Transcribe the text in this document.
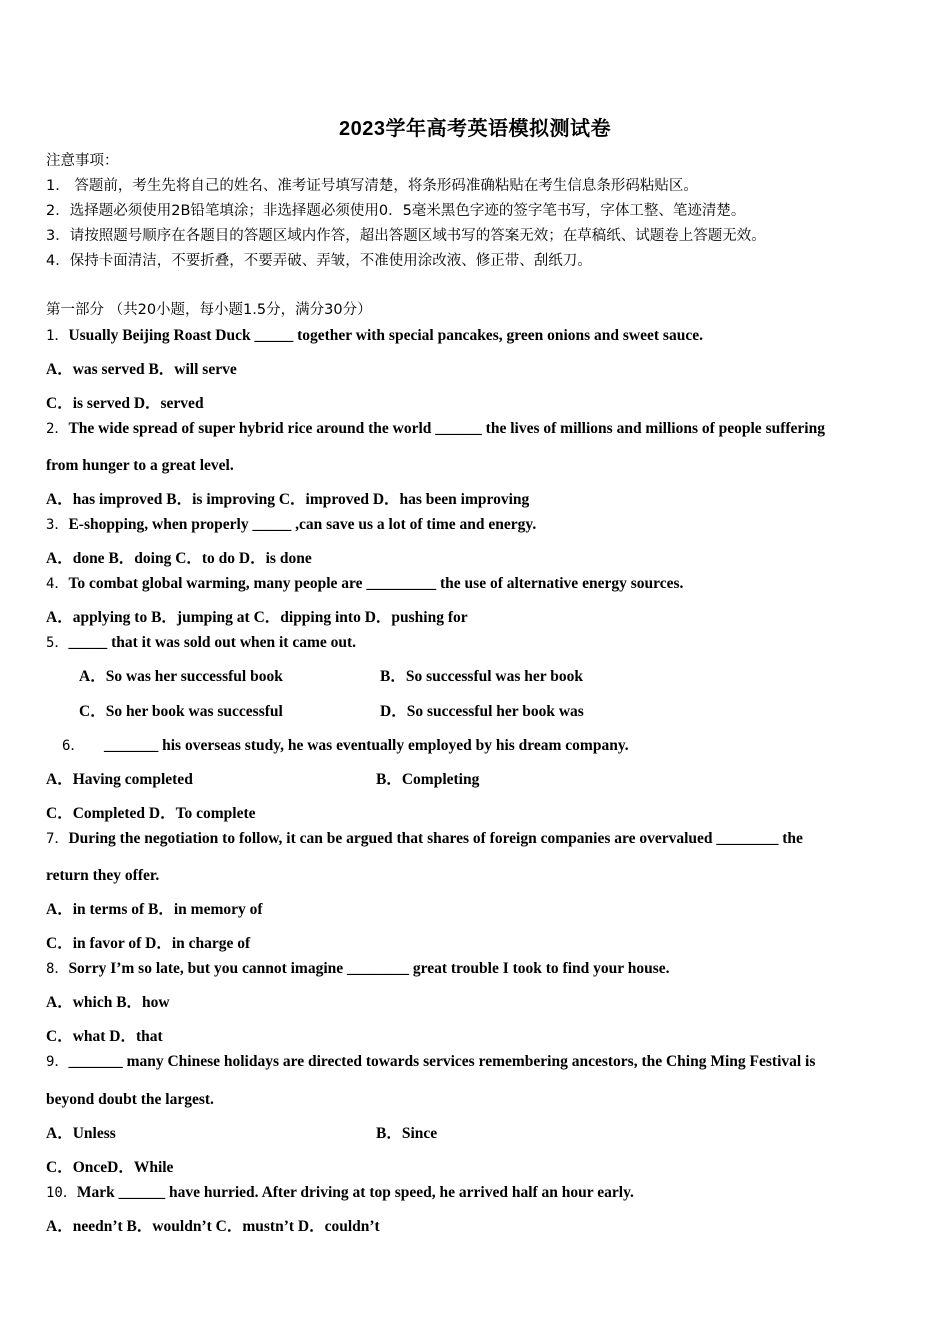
2023学年高考英语模拟测试卷
注意事项：
1． 答题前，考生先将自己的姓名、准考证号填写清楚，将条形码准确粘贴在考生信息条形码粘贴区。
2．选择题必须使用2B铅笔填涂；非选择题必须使用0．5毫米黑色字迹的签字笔书写，字体工整、笔迹清楚。
3．请按照题号顺序在各题目的答题区域内作答，超出答题区域书写的答案无效；在草稿纸、试题卷上答题无效。
4．保持卡面清洁，不要折叠，不要弄破、弄皱，不准使用涂改液、修正带、刮纸刀。
第一部分 （共20小题，每小题1.5分，满分30分）
1．Usually Beijing Roast Duck _____ together with special pancakes, green onions and sweet sauce.
A．was served B．will serve
C．is served D．served
2．The wide spread of super hybrid rice around the world ______ the lives of millions and millions of people suffering
from hunger to a great level.
A．has improved B．is improving C．improved D．has been improving
3．E-shopping, when properly _____ ,can save us a lot of time and energy.
A．done B．doing C．to do D．is done
4．To combat global warming, many people are _________ the use of alternative energy sources.
A．applying to B．jumping at C．dipping into D．pushing for
5．_____ that it was sold out when it came out.
A．So was her successful book	B．So successful was her book
C．So her book was successful	D．So successful her book was
6． _______ his overseas study, he was eventually employed by his dream company.
A．Having completed	B．Completing
C．Completed D．To complete
7．During the negotiation to follow, it can be argued that shares of foreign companies are overvalued ________ the
return they offer.
A．in terms of B．in memory of
C．in favor of D．in charge of
8．Sorry I’m so late, but you cannot imagine ________ great trouble I took to find your house.
A．which B．how
C．what D．that
9．_______ many Chinese holidays are directed towards services remembering ancestors, the Ching Ming Festival is
beyond doubt the largest.
A．Unless	B．Since
C．OnceD．While
10．Mark ______ have hurried. After driving at top speed, he arrived half an hour early.
A．needn’t B．wouldn’t C．mustn’t D．couldn’t
